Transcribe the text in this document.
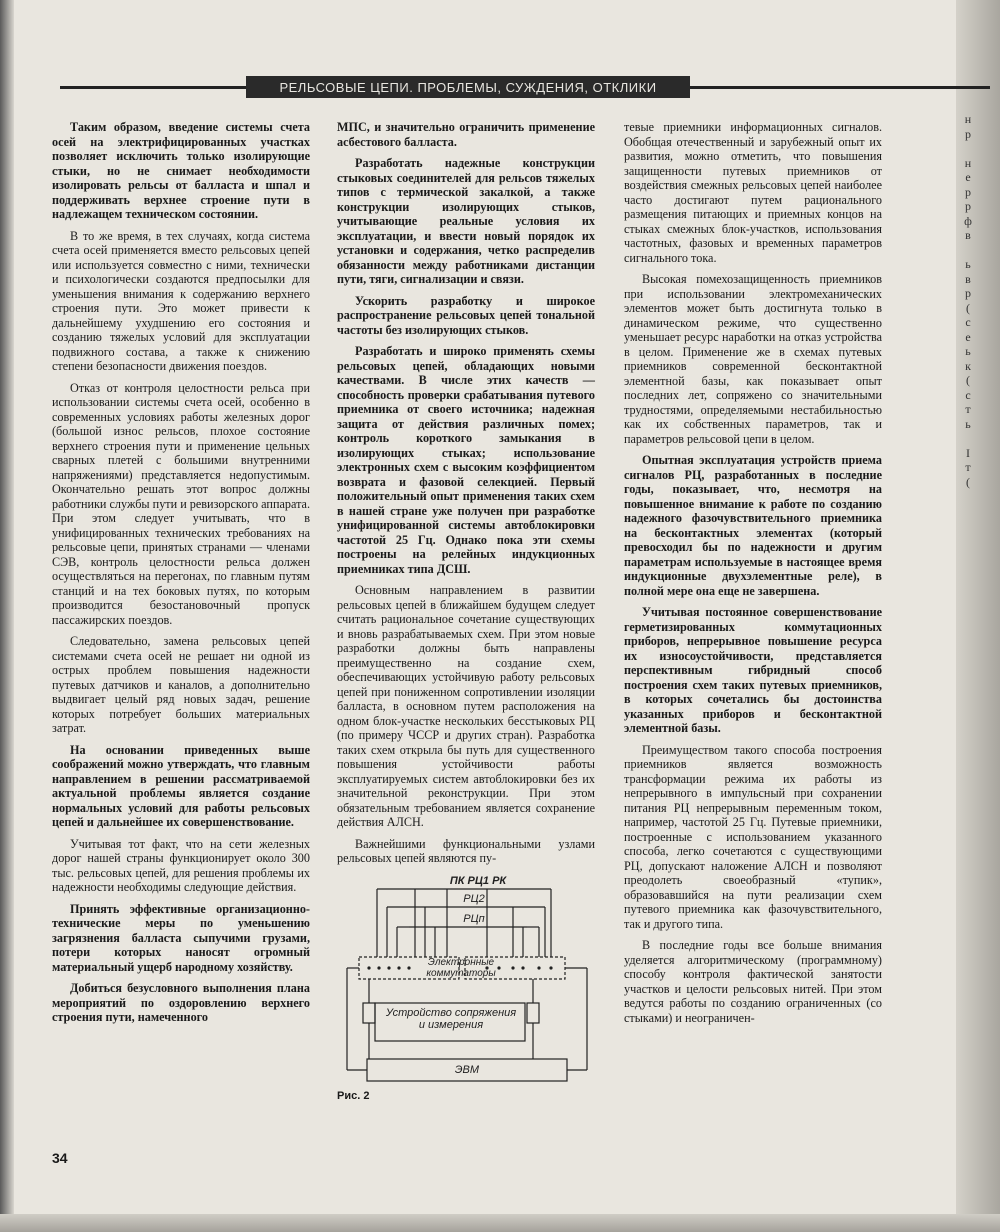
РЕЛЬСОВЫЕ ЦЕПИ. ПРОБЛЕМЫ, СУЖДЕНИЯ, ОТКЛИКИ

Таким образом, введение системы счета осей на электрифицированных участках позволяет исключить только изолирующие стыки, но не снимает необходимости изолировать рельсы от балласта и шпал и поддерживать верхнее строение пути в надлежащем техническом состоянии.

В то же время, в тех случаях, когда система счета осей применяется вместо рельсовых цепей или используется совместно с ними, технически и психологически создаются предпосылки для уменьшения внимания к содержанию верхнего строения пути. Это может привести к дальнейшему ухудшению его состояния и созданию тяжелых условий для эксплуатации подвижного состава, а также к снижению степени безопасности движения поездов.

Отказ от контроля целостности рельса при использовании системы счета осей, особенно в современных условиях работы железных дорог (большой износ рельсов, плохое состояние верхнего строения пути и применение цельных сварных плетей с большими внутренними напряжениями) представляется недопустимым. Окончательно решать этот вопрос должны работники службы пути и ревизорского аппарата. При этом следует учитывать, что в унифицированных технических требованиях на рельсовые цепи, принятых странами — членами СЭВ, контроль целостности рельса должен осуществляться на перегонах, по главным путям станций и на тех боковых путях, по которым производится безостановочный пропуск пассажирских поездов.

Следовательно, замена рельсовых цепей системами счета осей не решает ни одной из острых проблем повышения надежности путевых датчиков и каналов, а дополнительно выдвигает целый ряд новых задач, решение которых потребует больших материальных затрат.

На основании приведенных выше соображений можно утверждать, что главным направлением в решении рассматриваемой актуальной проблемы является создание нормальных условий для работы рельсовых цепей и дальнейшее их совершенствование.

Учитывая тот факт, что на сети железных дорог нашей страны функционирует около 300 тыс. рельсовых цепей, для решения проблемы их надежности необходимы следующие действия.

Принять эффективные организационно-технические меры по уменьшению загрязнения балласта сыпучими грузами, потери которых наносят огромный материальный ущерб народному хозяйству.

Добиться безусловного выполнения плана мероприятий по оздоровлению верхнего строения пути, намеченного

МПС, и значительно ограничить применение асбестового балласта.

Разработать надежные конструкции стыковых соединителей для рельсов тяжелых типов с термической закалкой, а также конструкции изолирующих стыков, учитывающие реальные условия их эксплуатации, и ввести новый порядок их установки и содержания, четко распределив обязанности между работниками дистанции пути, тяги, сигнализации и связи.

Ускорить разработку и широкое распространение рельсовых цепей тональной частоты без изолирующих стыков.

Разработать и широко применять схемы рельсовых цепей, обладающих новыми качествами. В числе этих качеств — способность проверки срабатывания путевого приемника от своего источника; надежная защита от действия различных помех; контроль короткого замыкания в изолирующих стыках; использование электронных схем с высоким коэффициентом возврата и фазовой селекцией. Первый положительный опыт применения таких схем в нашей стране уже получен при разработке унифицированной системы автоблокировки частотой 25 Гц. Однако пока эти схемы построены на релейных индукционных приемниках типа ДСШ.

Основным направлением в развитии рельсовых цепей в ближайшем будущем следует считать рациональное сочетание существующих и вновь разрабатываемых схем. При этом новые разработки должны быть направлены преимущественно на создание схем, обеспечивающих устойчивую работу рельсовых цепей при пониженном сопротивлении изоляции балласта, в основном путем расположения на одном блок-участке нескольких бесстыковых РЦ (по примеру ЧССР и других стран). Разработка таких схем открыла бы путь для существенного повышения устойчивости работы эксплуатируемых систем автоблокировки без их значительной реконструкции. При этом обязательным требованием является сохранение действия АЛСН.

Важнейшими функциональными узлами рельсовых цепей являются пу-

ПК РЦ1 РК
РЦ2
РЦп
Электронные коммутаторы
Устройство сопряжения и измерения
ЭВМ
Рис. 2

тевые приемники информационных сигналов. Обобщая отечественный и зарубежный опыт их развития, можно отметить, что повышения защищенности путевых приемников от воздействия смежных рельсовых цепей наиболее часто достигают путем рационального размещения питающих и приемных концов на стыках смежных блок-участков, использования частотных, фазовых и временных параметров сигнального тока.

Высокая помехозащищенность приемников при использовании электромеханических элементов может быть достигнута только в динамическом режиме, что существенно уменьшает ресурс наработки на отказ устройства в целом. Применение же в схемах путевых приемников современной бесконтактной элементной базы, как показывает опыт последних лет, сопряжено со значительными трудностями, определяемыми нестабильностью как их собственных параметров, так и параметров рельсовой цепи в целом.

Опытная эксплуатация устройств приема сигналов РЦ, разработанных в последние годы, показывает, что, несмотря на повышенное внимание к работе по созданию надежного фазочувствительного приемника на бесконтактных элементах (который превосходил бы по надежности и другим параметрам используемые в настоящее время индукционные двухэлементные реле), в полной мере она еще не завершена.

Учитывая постоянное совершенствование герметизированных коммутационных приборов, непрерывное повышение ресурса их износоустойчивости, представляется перспективным гибридный способ построения схем таких путевых приемников, в которых сочетались бы достоинства указанных приборов и бесконтактной элементной базы.

Преимуществом такого способа построения приемников является возможность трансформации режима их работы из непрерывного в импульсный при сохранении питания РЦ непрерывным переменным током, например, частотой 25 Гц. Путевые приемники, построенные с использованием указанного способа, легко сочетаются с существующими РЦ, допускают наложение АЛСН и позволяют преодолеть своеобразный «тупик», образовавшийся на пути реализации схем путевого приемника как фазочувствительного, так и другого типа.

В последние годы все больше внимания уделяется алгоритмическому (программному) способу контроля фактической занятости участков и целости рельсовых нитей. При этом ведутся работы по созданию ограниченных (со стыками) и неограничен-

34
н
р

н
е
р
р
ф
в

ь
в
р
(
с
е
ь
к
(
с
т
ь

І
т
(
